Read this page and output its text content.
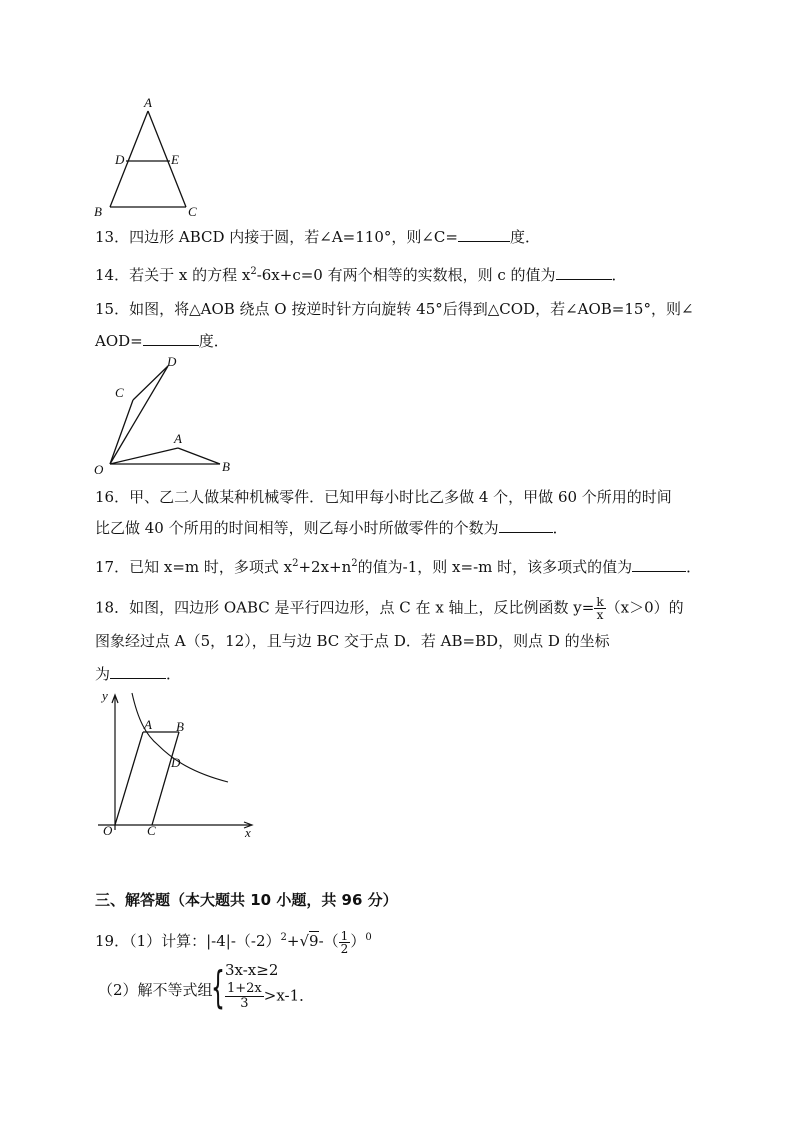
A
D	E
B	C
13．四边形 ABCD 内接于圆，若∠A=110°，则∠C=	度．
14．若关于 x 的方程 $x^2-6x+c=0$ 有两个相等的实数根，则 c 的值为	．
15．如图，将△AOB 绕点 O 按逆时针方向旋转 45°后得到△COD，若∠AOB=15°，则∠
AOD=	度．
D
C
A
O	B
16．甲、乙二人做某种机械零件．已知甲每小时比乙多做 4 个，甲做 60 个所用的时间
比乙做 40 个所用的时间相等，则乙每小时所做零件的个数为	．
17．已知 x=m 时，多项式 $x^2+2x+n^2$的值为-1，则 x=-m 时，该多项式的值为	．
18．如图，四边形 OABC 是平行四边形，点 C 在 x 轴上，反比例函数 $y= \frac{k}{x} (x>0)$的
图象经过点 A（5，12），且与边 BC 交于点 D．若 AB=BD，则点 D 的坐标
为	．
y
A B
D
O	C	x
三、解答题（本大题共 10 小题，共 96 分）
19．（1）计算：$|-4|-(-2)^2+√9-( \frac{1}{2} )^0$
（2）解不等式组
{ 3x-x≥2
$\frac{1+2x}{3} >x-1$．
